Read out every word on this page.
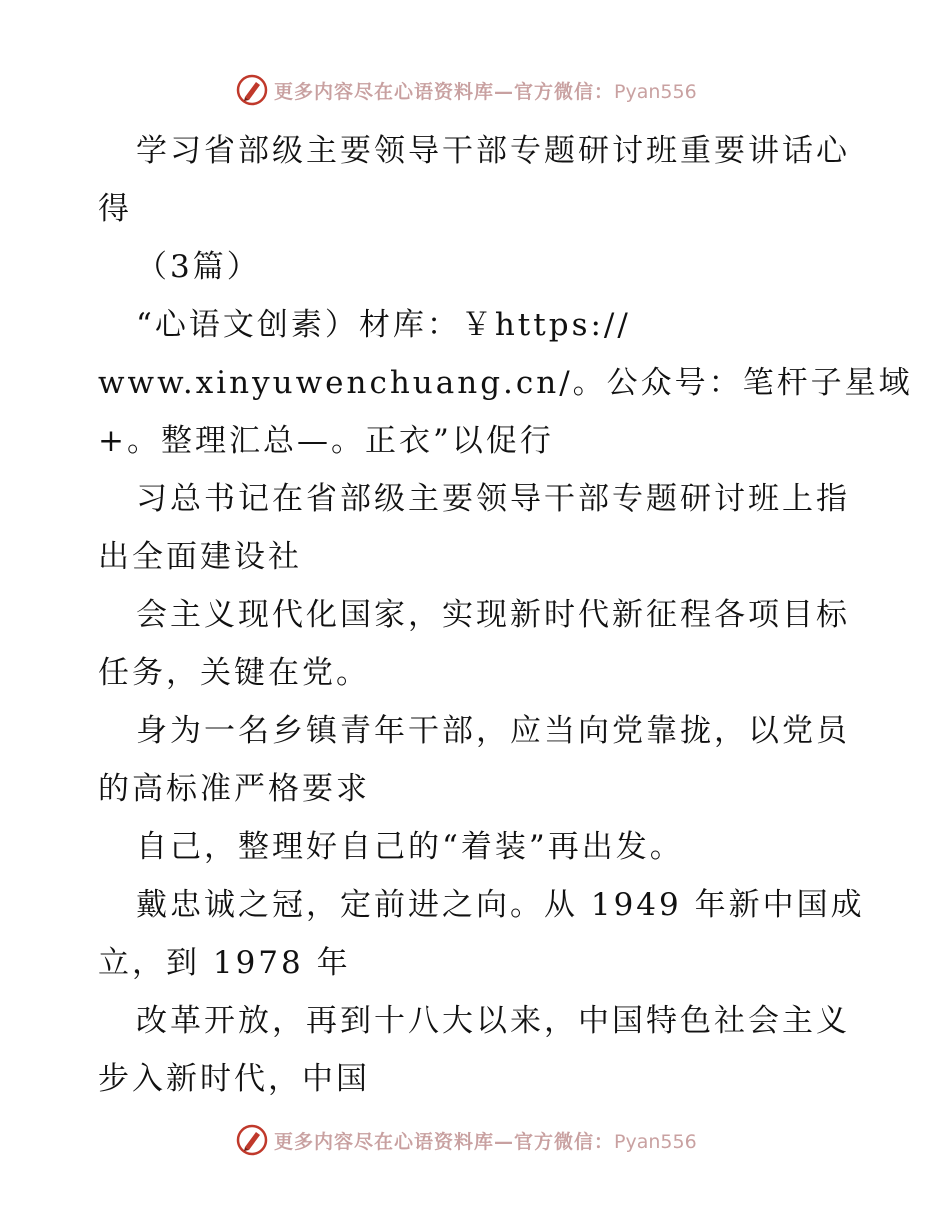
更多内容尽在心语资料库—官方微信：Pyan556
学习省部级主要领导干部专题研讨班重要讲话心
得
（3篇）
“心语文创素）材库：￥https://
www.xinyuwenchuang.cn/。公众号：笔杆子星域
+。整理汇总—。正衣”以促行
习总书记在省部级主要领导干部专题研讨班上指
出全面建设社
会主义现代化国家，实现新时代新征程各项目标
任务，关键在党。
身为一名乡镇青年干部，应当向党靠拢，以党员
的高标准严格要求
自己，整理好自己的“着装”再出发。
戴忠诚之冠，定前进之向。从 1949 年新中国成
立，到 1978 年
改革开放，再到十八大以来，中国特色社会主义
步入新时代，中国
更多内容尽在心语资料库—官方微信：Pyan556
